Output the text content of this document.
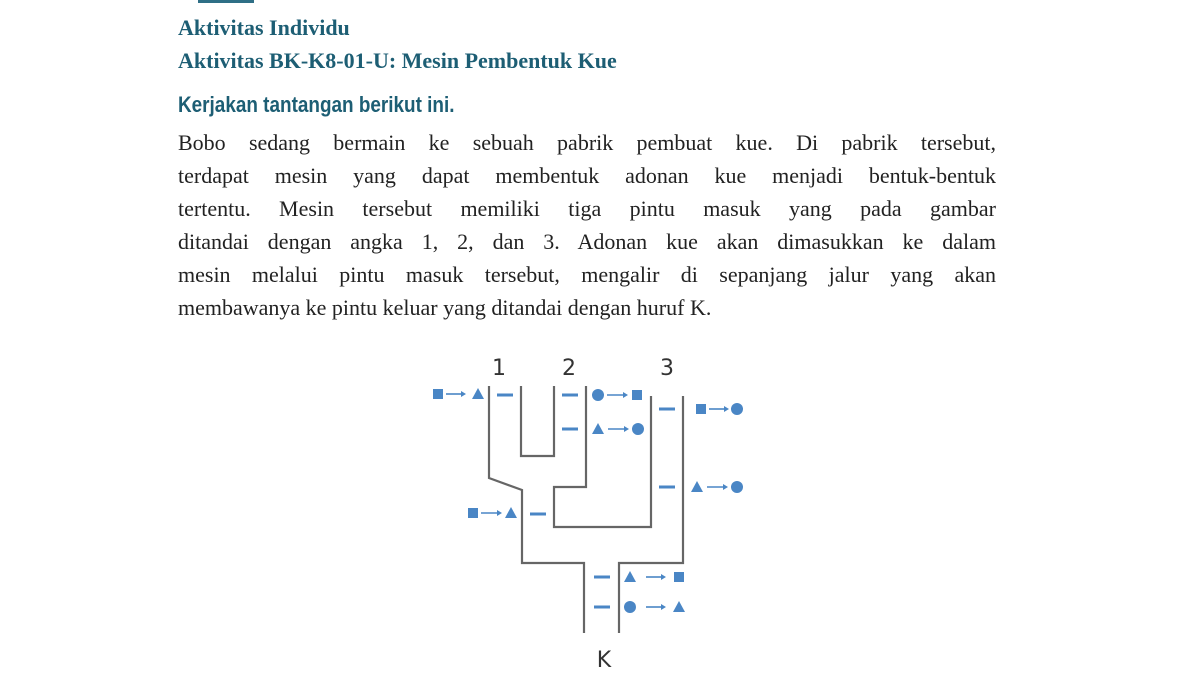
Aktivitas Individu
Aktivitas BK-K8-01-U: Mesin Pembentuk Kue
Kerjakan tantangan berikut ini.
Bobo sedang bermain ke sebuah pabrik pembuat kue. Di pabrik tersebut,
terdapat mesin yang dapat membentuk adonan kue menjadi bentuk-bentuk
tertentu. Mesin tersebut memiliki tiga pintu masuk yang pada gambar
ditandai dengan angka 1, 2, dan 3. Adonan kue akan dimasukkan ke dalam
mesin melalui pintu masuk tersebut, mengalir di sepanjang jalur yang akan
membawanya ke pintu keluar yang ditandai dengan huruf K.
1	2	3
K
